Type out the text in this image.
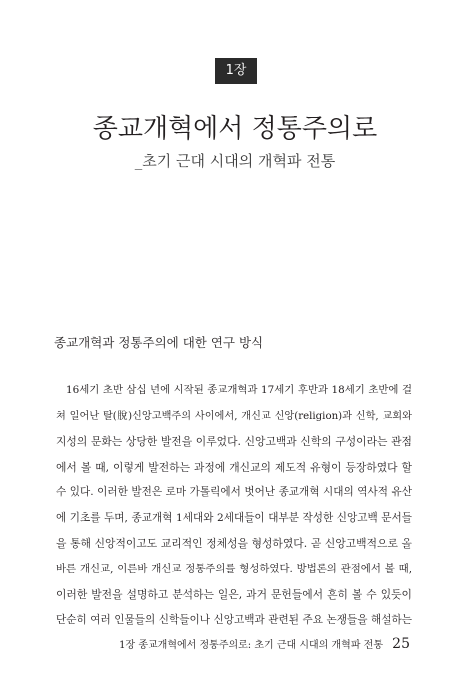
1장
종교개혁에서 정통주의로
_초기 근대 시대의 개혁파 전통
종교개혁과 정통주의에 대한 연구 방식
16세기 초반 삼십 년에 시작된 종교개혁과 17세기 후반과 18세기 초반에 걸
쳐 일어난 탈(脫)신앙고백주의 사이에서, 개신교 신앙(religion)과 신학, 교회와
지성의 문화는 상당한 발전을 이루었다. 신앙고백과 신학의 구성이라는 관점
에서 볼 때, 이렇게 발전하는 과정에 개신교의 제도적 유형이 등장하였다 할
수 있다. 이러한 발전은 로마 가톨릭에서 벗어난 종교개혁 시대의 역사적 유산
에 기초를 두며, 종교개혁 1세대와 2세대들이 대부분 작성한 신앙고백 문서들
을 통해 신앙적이고도 교리적인 정체성을 형성하였다. 곧 신앙고백적으로 올
바른 개신교, 이른바 개신교 정통주의를 형성하였다. 방법론의 관점에서 볼 때,
이러한 발전을 설명하고 분석하는 일은, 과거 문헌들에서 흔히 볼 수 있듯이
단순히 여러 인물들의 신학들이나 신앙고백과 관련된 주요 논쟁들을 해설하는
1장 종교개혁에서 정통주의로: 초기 근대 시대의 개혁파 전통 25
